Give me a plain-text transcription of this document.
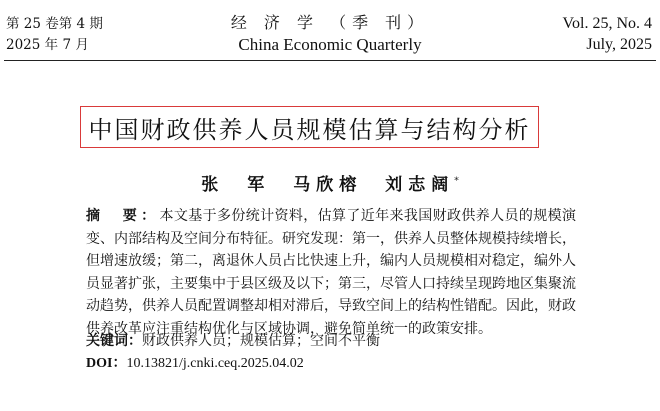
第 25 卷第 4 期
2025 年 7 月
经 济 学 （季 刊）
China Economic Quarterly
Vol. 25, No. 4
July, 2025
中国财政供养人员规模估算与结构分析
张　军　马欣榕　刘志阔*
摘　要：本文基于多份统计资料，估算了近年来我国财政供养人员的规模演变、内部结构及空间分布特征。研究发现：第一，供养人员整体规模持续增长，但增速放缓；第二，离退休人员占比快速上升，编内人员规模相对稳定，编外人员显著扩张，主要集中于县区级及以下；第三，尽管人口持续呈现跨地区集聚流动趋势，供养人员配置调整却相对滞后，导致空间上的结构性错配。因此，财政供养改革应注重结构优化与区域协调，避免简单统一的政策安排。
关键词：财政供养人员；规模估算；空间不平衡
DOI：10.13821/j.cnki.ceq.2025.04.02
